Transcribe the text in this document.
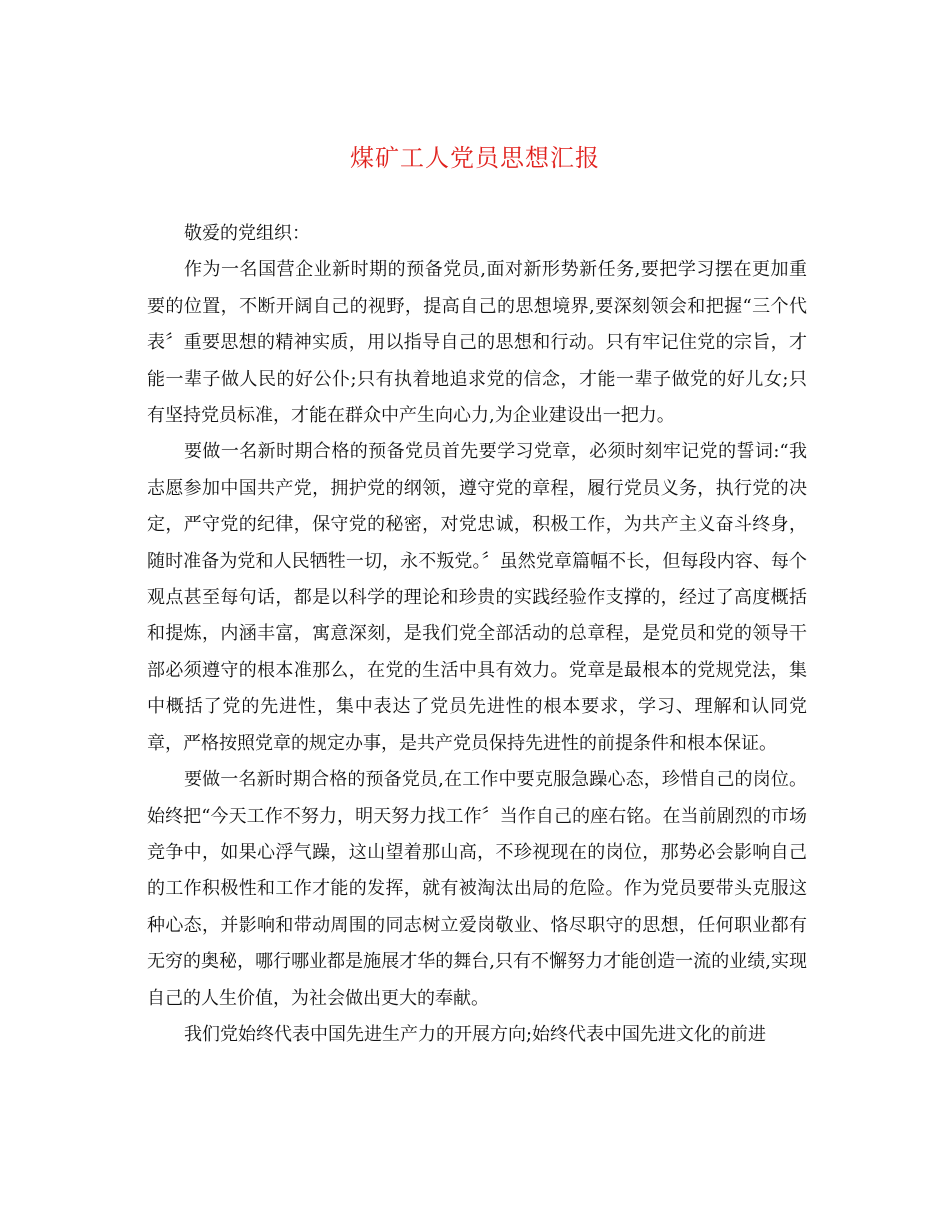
煤矿工人党员思想汇报

敬爱的党组织：

作为一名国营企业新时期的预备党员,面对新形势新任务,要把学习摆在更加重要的位置，不断开阔自己的视野，提高自己的思想境界,要深刻领会和把握“三个代表〞重要思想的精神实质，用以指导自己的思想和行动。只有牢记住党的宗旨，才能一辈子做人民的好公仆;只有执着地追求党的信念，才能一辈子做党的好儿女;只有坚持党员标准，才能在群众中产生向心力,为企业建设出一把力。

要做一名新时期合格的预备党员首先要学习党章，必须时刻牢记党的誓词:“我志愿参加中国共产党，拥护党的纲领，遵守党的章程，履行党员义务，执行党的决定，严守党的纪律，保守党的秘密，对党忠诚，积极工作，为共产主义奋斗终身，随时准备为党和人民牺牲一切，永不叛党。〞虽然党章篇幅不长，但每段内容、每个观点甚至每句话，都是以科学的理论和珍贵的实践经验作支撑的，经过了高度概括和提炼，内涵丰富，寓意深刻，是我们党全部活动的总章程，是党员和党的领导干部必须遵守的根本准那么，在党的生活中具有效力。党章是最根本的党规党法，集中概括了党的先进性，集中表达了党员先进性的根本要求，学习、理解和认同党章，严格按照党章的规定办事，是共产党员保持先进性的前提条件和根本保证。

要做一名新时期合格的预备党员,在工作中要克服急躁心态，珍惜自己的岗位。始终把“今天工作不努力，明天努力找工作〞当作自己的座右铭。在当前剧烈的市场竞争中，如果心浮气躁，这山望着那山高，不珍视现在的岗位，那势必会影响自己的工作积极性和工作才能的发挥，就有被淘汰出局的危险。作为党员要带头克服这种心态，并影响和带动周围的同志树立爱岗敬业、恪尽职守的思想，任何职业都有无穷的奥秘，哪行哪业都是施展才华的舞台,只有不懈努力才能创造一流的业绩,实现自己的人生价值，为社会做出更大的奉献。

我们党始终代表中国先进生产力的开展方向;始终代表中国先进文化的前进
